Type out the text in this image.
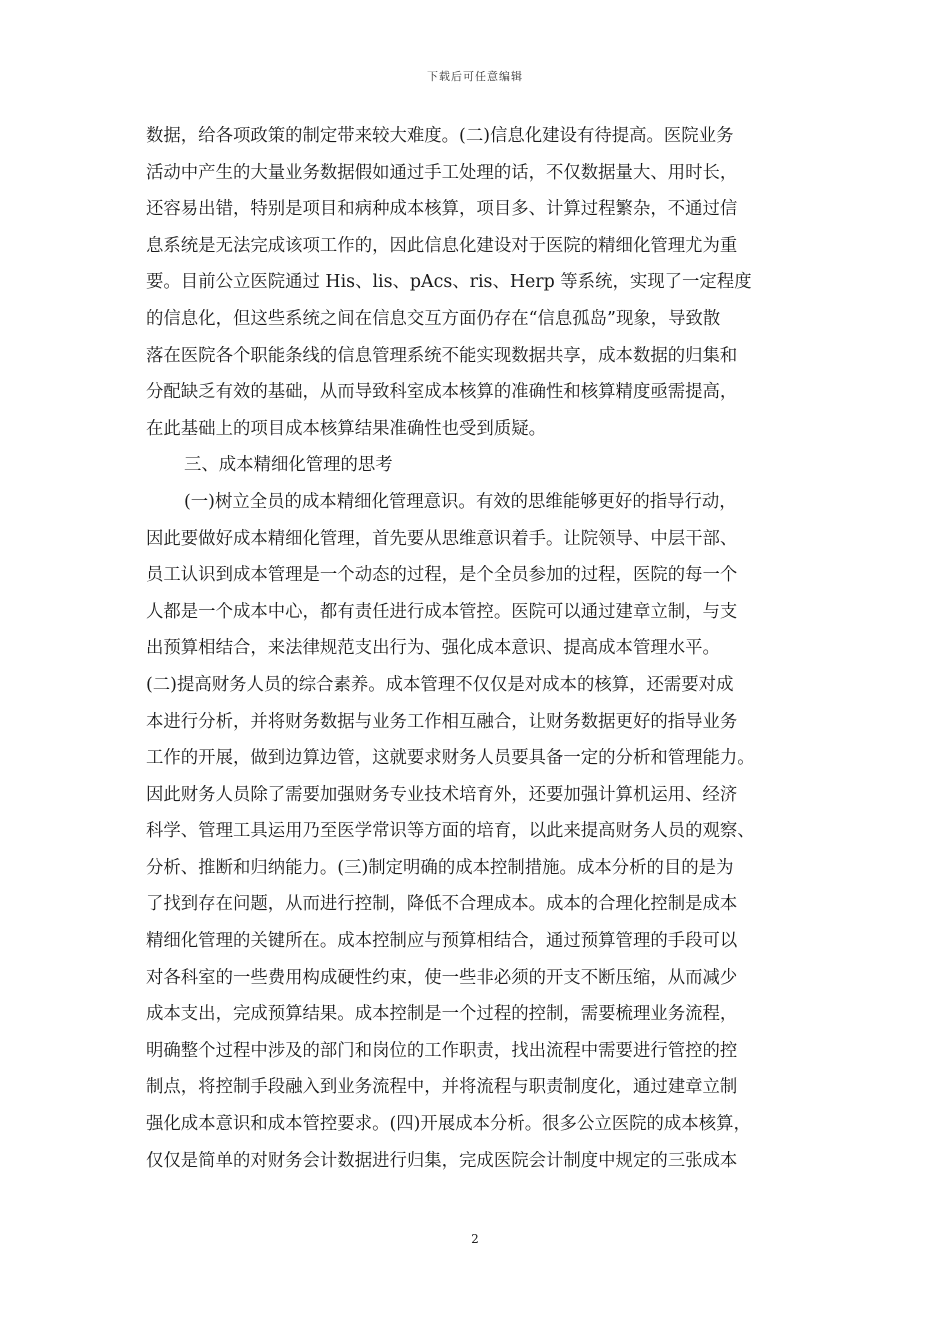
下载后可任意编辑
数据，给各项政策的制定带来较大难度。(二)信息化建设有待提高。医院业务
活动中产生的大量业务数据假如通过手工处理的话，不仅数据量大、用时长，
还容易出错，特别是项目和病种成本核算，项目多、计算过程繁杂，不通过信
息系统是无法完成该项工作的，因此信息化建设对于医院的精细化管理尤为重
要。目前公立医院通过 His、lis、pAcs、ris、Herp 等系统，实现了一定程度
的信息化，但这些系统之间在信息交互方面仍存在“信息孤岛”现象，导致散
落在医院各个职能条线的信息管理系统不能实现数据共享，成本数据的归集和
分配缺乏有效的基础，从而导致科室成本核算的准确性和核算精度亟需提高，
在此基础上的项目成本核算结果准确性也受到质疑。
三、成本精细化管理的思考
(一)树立全员的成本精细化管理意识。有效的思维能够更好的指导行动，
因此要做好成本精细化管理，首先要从思维意识着手。让院领导、中层干部、
员工认识到成本管理是一个动态的过程，是个全员参加的过程，医院的每一个
人都是一个成本中心，都有责任进行成本管控。医院可以通过建章立制，与支
出预算相结合，来法律规范支出行为、强化成本意识、提高成本管理水平。
(二)提高财务人员的综合素养。成本管理不仅仅是对成本的核算，还需要对成
本进行分析，并将财务数据与业务工作相互融合，让财务数据更好的指导业务
工作的开展，做到边算边管，这就要求财务人员要具备一定的分析和管理能力。
因此财务人员除了需要加强财务专业技术培育外，还要加强计算机运用、经济
科学、管理工具运用乃至医学常识等方面的培育，以此来提高财务人员的观察、
分析、推断和归纳能力。(三)制定明确的成本控制措施。成本分析的目的是为
了找到存在问题，从而进行控制，降低不合理成本。成本的合理化控制是成本
精细化管理的关键所在。成本控制应与预算相结合，通过预算管理的手段可以
对各科室的一些费用构成硬性约束，使一些非必须的开支不断压缩，从而减少
成本支出，完成预算结果。成本控制是一个过程的控制，需要梳理业务流程，
明确整个过程中涉及的部门和岗位的工作职责，找出流程中需要进行管控的控
制点，将控制手段融入到业务流程中，并将流程与职责制度化，通过建章立制
强化成本意识和成本管控要求。(四)开展成本分析。很多公立医院的成本核算，
仅仅是简单的对财务会计数据进行归集，完成医院会计制度中规定的三张成本
2
